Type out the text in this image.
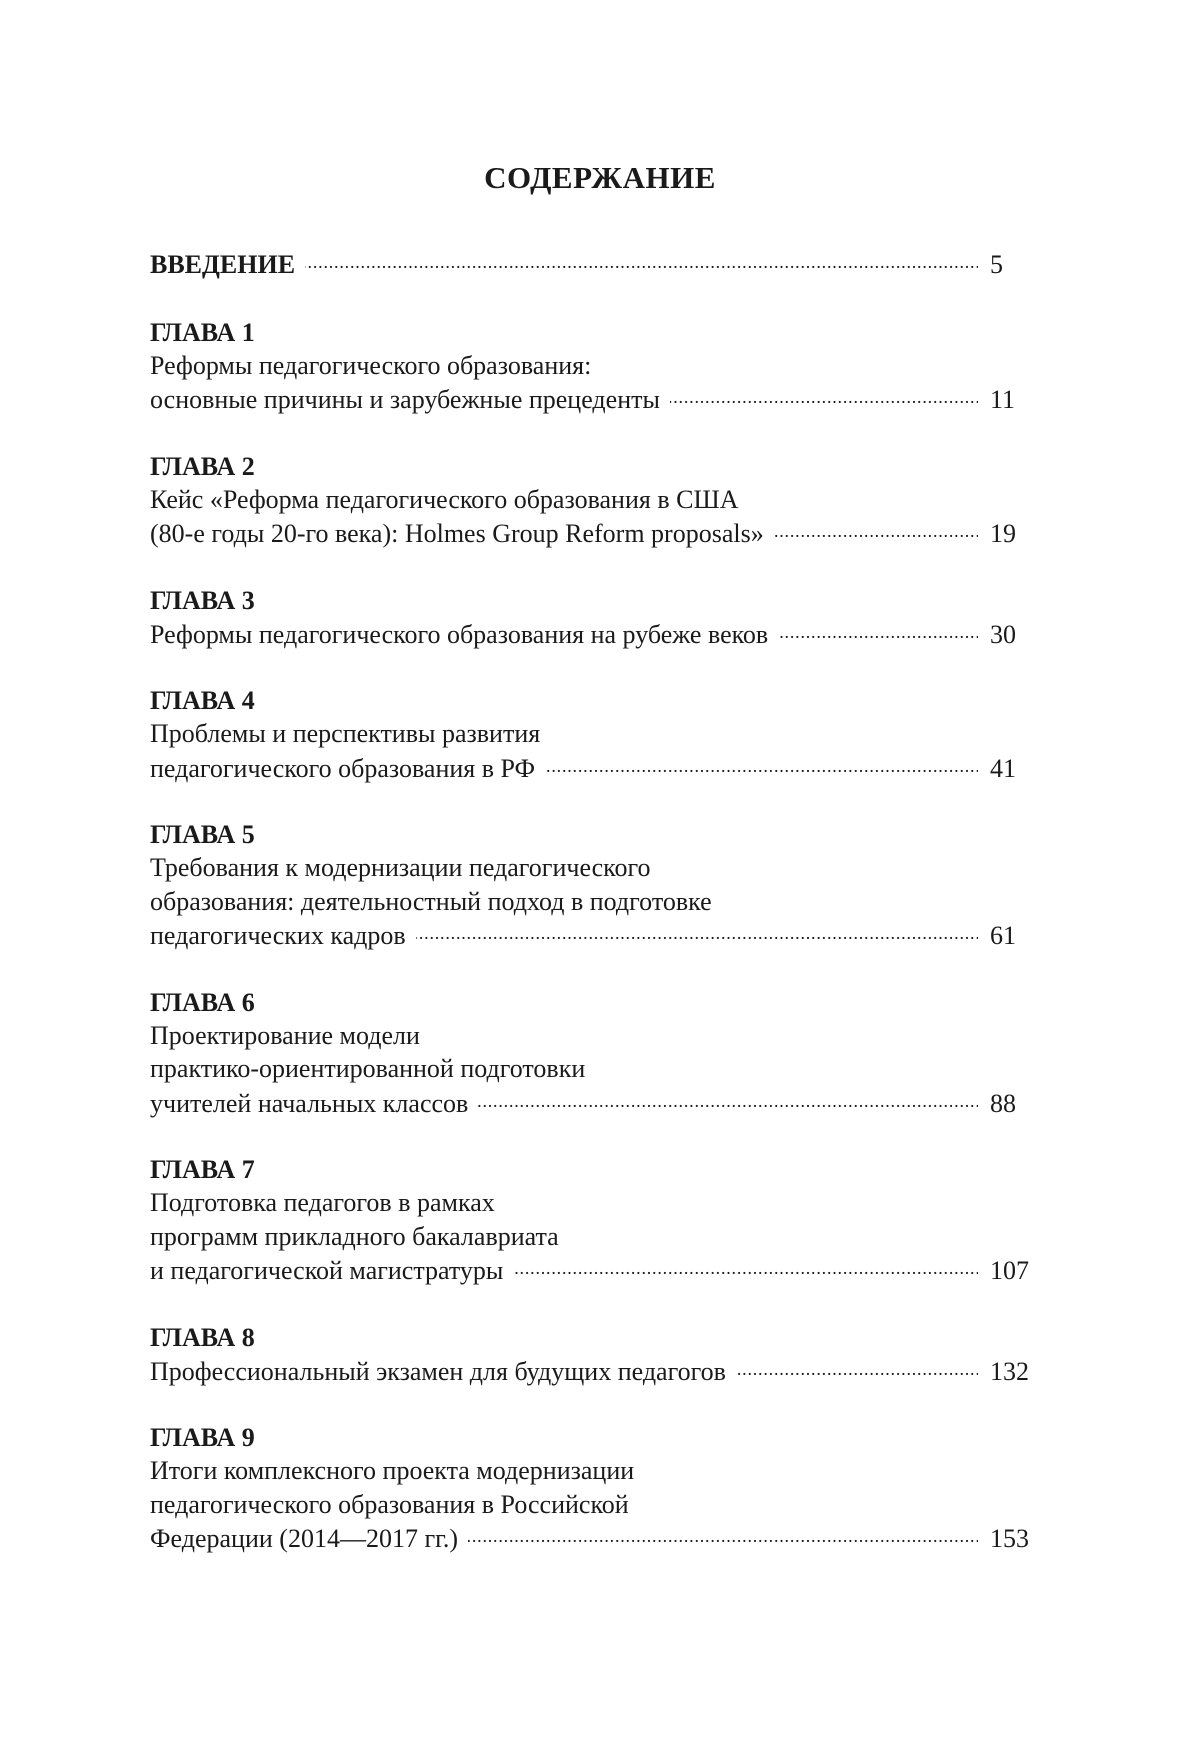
СОДЕРЖАНИЕ
ВВЕДЕНИЕ . . .	5
ГЛАВА 1
Реформы педагогического образования:
основные причины и зарубежные прецеденты . . .	11
ГЛАВА 2
Кейс «Реформа педагогического образования в США
(80-е годы 20-го века): Holmes Group Reform proposals» . . .	19
ГЛАВА 3
Реформы педагогического образования на рубеже веков . . .	30
ГЛАВА 4
Проблемы и перспективы развития
педагогического образования в РФ . . .	41
ГЛАВА 5
Требования к модернизации педагогического
образования: деятельностный подход в подготовке
педагогических кадров . . .	61
ГЛАВА 6
Проектирование модели
практико-ориентированной подготовки
учителей начальных классов . . .	88
ГЛАВА 7
Подготовка педагогов в рамках
программ прикладного бакалавриата
и педагогической магистратуры . . .	107
ГЛАВА 8
Профессиональный экзамен для будущих педагогов . . .	132
ГЛАВА 9
Итоги комплексного проекта модернизации
педагогического образования в Российской
Федерации (2014—2017 гг.) . . .	153
